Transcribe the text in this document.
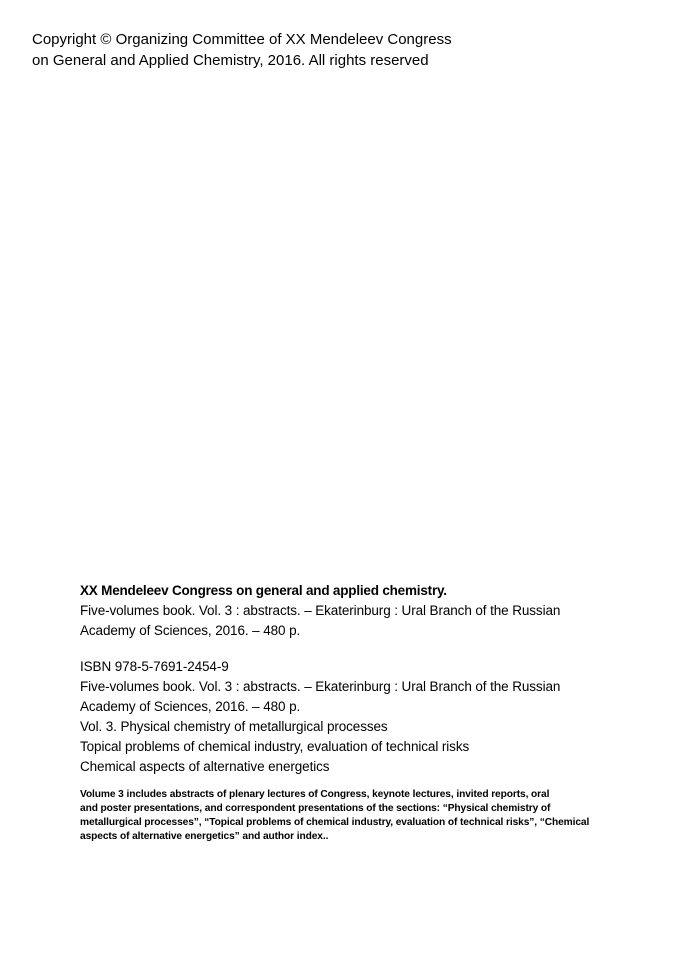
Copyright © Organizing Committee of XX Mendeleev Congress
on General and Applied Chemistry, 2016. All rights reserved
XX Mendeleev Congress on general and applied chemistry.
Five-volumes book. Vol. 3 : abstracts. – Ekaterinburg : Ural Branch of the Russian
Academy of Sciences, 2016. – 480 p.
ISBN 978-5-7691-2454-9
Five-volumes book. Vol. 3 : abstracts. – Ekaterinburg : Ural Branch of the Russian
Academy of Sciences, 2016. – 480 p.
Vol. 3. Physical chemistry of metallurgical processes
Topical problems of chemical industry, evaluation of technical risks
Chemical aspects of alternative energetics
Volume 3 includes abstracts of plenary lectures of Congress, keynote lectures, invited reports, oral
and poster presentations, and correspondent presentations of the sections: “Physical chemistry of
metallurgical processes”, “Topical problems of chemical industry, evaluation of technical risks”, “Chemical
aspects of alternative energetics” and author index..
